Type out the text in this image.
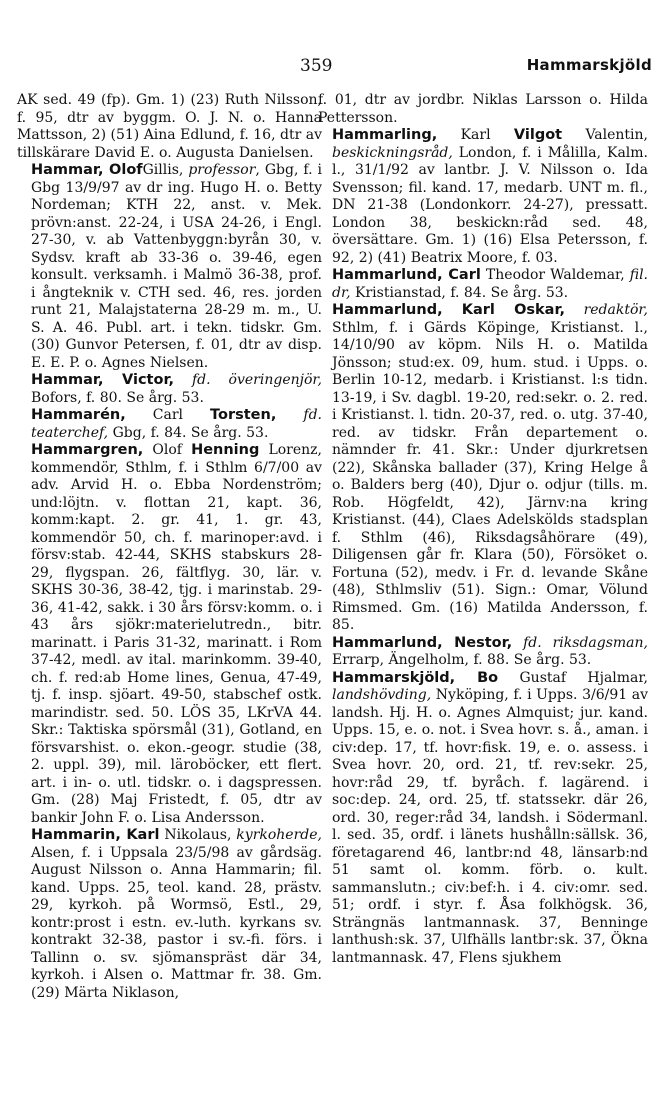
359	Hammarskjöld

AK sed. 49 (fp). Gm. 1) (23) Ruth Nilsson, f. 95, dtr av byggm. O. J. N. o. Hanna Mattsson, 2) (51) Aina Edlund, f. 16, dtr av tillskärare David E. o. Augusta Danielsen.

Hammar, OlofGillis, professor, Gbg, f. i Gbg 13/9/97 av dr ing. Hugo H. o. Betty Nordeman; KTH 22, anst. v. Mek. prövn:anst. 22-24, i USA 24-26, i Engl. 27-30, v. ab Vattenbyggn:byrån 30, v. Sydsv. kraft ab 33-36 o. 39-46, egen konsult. verksamh. i Malmö 36-38, prof. i ångteknik v. CTH sed. 46, res. jorden runt 21, Malajstaterna 28-29 m. m., U. S. A. 46. Publ. art. i tekn. tidskr. Gm. (30) Gunvor Petersen, f. 01, dtr av disp. E. E. P. o. Agnes Nielsen.

Hammar, Victor, fd. överingenjör, Bofors, f. 80. Se årg. 53.

Hammarén, Carl Torsten, fd. teaterchef, Gbg, f. 84. Se årg. 53.

Hammargren, Olof Henning Lorenz, kommendör, Sthlm, f. i Sthlm 6/7/00 av adv. Arvid H. o. Ebba Nordenström; und:löjtn. v. flottan 21, kapt. 36, komm:kapt. 2. gr. 41, 1. gr. 43, kommendör 50, ch. f. marinoper:avd. i försv:stab. 42-44, SKHS stabskurs 28-29, flygspan. 26, fältflyg. 30, lär. v. SKHS 30-36, 38-42, tjg. i marinstab. 29-36, 41-42, sakk. i 30 års försv:komm. o. i 43 års sjökr:materielutredn., bitr. marinatt. i Paris 31-32, marinatt. i Rom 37-42, medl. av ital. marinkomm. 39-40, ch. f. red:ab Home lines, Genua, 47-49, tj. f. insp. sjöart. 49-50, stabschef ostk. marindistr. sed. 50. LÖS 35, LKrVA 44. Skr.: Taktiska spörsmål (31), Gotland, en försvarshist. o. ekon.-geogr. studie (38, 2. uppl. 39), mil. läroböcker, ett flert. art. i in- o. utl. tidskr. o. i dagspressen. Gm. (28) Maj Fristedt, f. 05, dtr av bankir John F. o. Lisa Andersson.

Hammarin, Karl Nikolaus, kyrkoherde, Alsen, f. i Uppsala 23/5/98 av gårdsäg. August Nilsson o. Anna Hammarin; fil. kand. Upps. 25, teol. kand. 28, prästv. 29, kyrkoh. på Wormsö, Estl., 29, kontr:prost i estn. ev.-luth. kyrkans sv. kontrakt 32-38, pastor i sv.-fi. förs. i Tallinn o. sv. sjömanspräst där 34, kyrkoh. i Alsen o. Mattmar fr. 38. Gm. (29) Märta Niklason,

f. 01, dtr av jordbr. Niklas Larsson o. Hilda Pettersson.

Hammarling, Karl Vilgot Valentin, beskickningsråd, London, f. i Målilla, Kalm. l., 31/1/92 av lantbr. J. V. Nilsson o. Ida Svensson; fil. kand. 17, medarb. UNT m. fl., DN 21-38 (Londonkorr. 24-27), pressatt. London 38, beskickn:råd sed. 48, översättare. Gm. 1) (16) Elsa Petersson, f. 92, 2) (41) Beatrix Moore, f. 03.

Hammarlund, Carl Theodor Waldemar, fil. dr, Kristianstad, f. 84. Se årg. 53.

Hammarlund, Karl Oskar, redaktör, Sthlm, f. i Gärds Köpinge, Kristianst. l., 14/10/90 av köpm. Nils H. o. Matilda Jönsson; stud:ex. 09, hum. stud. i Upps. o. Berlin 10-12, medarb. i Kristianst. l:s tidn. 13-19, i Sv. dagbl. 19-20, red:sekr. o. 2. red. i Kristianst. l. tidn. 20-37, red. o. utg. 37-40, red. av tidskr. Från departement o. nämnder fr. 41. Skr.: Under djurkretsen (22), Skånska ballader (37), Kring Helge å o. Balders berg (40), Djur o. odjur (tills. m. Rob. Högfeldt, 42), Järnv:na kring Kristianst. (44), Claes Adelskölds stadsplan f. Sthlm (46), Riksdagsåhörare (49), Diligensen går fr. Klara (50), Försöket o. Fortuna (52), medv. i Fr. d. levande Skåne (48), Sthlmsliv (51). Sign.: Omar, Völund Rimsmed. Gm. (16) Matilda Andersson, f. 85.

Hammarlund, Nestor, fd. riksdagsman, Errarp, Ängelholm, f. 88. Se årg. 53.

Hammarskjöld, Bo Gustaf Hjalmar, landshövding, Nyköping, f. i Upps. 3/6/91 av landsh. Hj. H. o. Agnes Almquist; jur. kand. Upps. 15, e. o. not. i Svea hovr. s. å., aman. i civ:dep. 17, tf. hovr:fisk. 19, e. o. assess. i Svea hovr. 20, ord. 21, tf. rev:sekr. 25, hovr:råd 29, tf. byråch. f. lagärend. i soc:dep. 24, ord. 25, tf. statssekr. där 26, ord. 30, reger:råd 34, landsh. i Södermanl. l. sed. 35, ordf. i länets hushålln:sällsk. 36, företagarend 46, lantbr:nd 48, länsarb:nd 51 samt ol. komm. förb. o. kult. sammanslutn.; civ:bef:h. i 4. civ:omr. sed. 51; ordf. i styr. f. Åsa folkhögsk. 36, Strängnäs lantmannask. 37, Benninge lanthush:sk. 37, Ulfhälls lantbr:sk. 37, Ökna lantmannask. 47, Flens sjukhem
